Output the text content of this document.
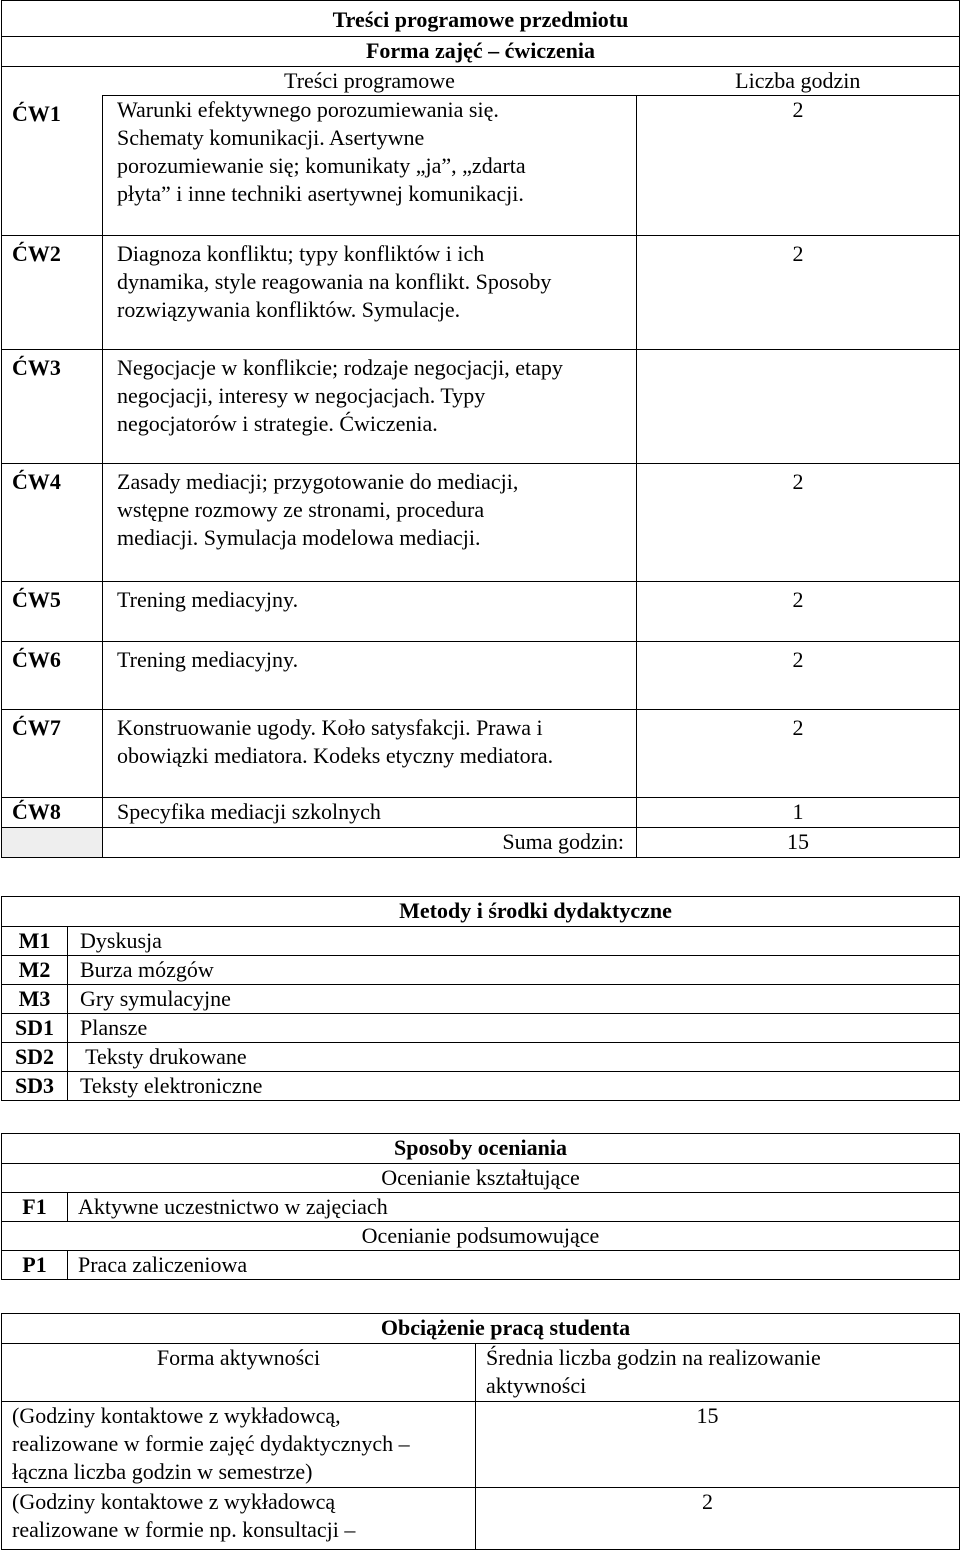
Treści programowe przedmiotu		
Forma zajęć – ćwiczenia		
	Treści programowe	Liczba godzin
ĆW1	Warunki efektywnego porozumiewania się.
Schematy komunikacji. Asertywne
porozumiewanie się; komunikaty „ja”, „zdarta
płyta” i inne techniki asertywnej komunikacji.	2
ĆW2	Diagnoza konfliktu; typy konfliktów i ich
dynamika, style reagowania na konflikt. Sposoby
rozwiązywania konfliktów. Symulacje.	2
ĆW3	Negocjacje w konflikcie; rodzaje negocjacji, etapy
negocjacji, interesy w negocjacjach. Typy
negocjatorów i strategie. Ćwiczenia.	

ĆW4	Zasady mediacji; przygotowanie do mediacji,
wstępne rozmowy ze stronami, procedura
mediacji. Symulacja modelowa mediacji.	2
ĆW5	Trening mediacyjny.	2
ĆW6	Trening mediacyjny.	2
ĆW7	Konstruowanie ugody. Koło satysfakcji. Prawa i
obowiązki mediatora. Kodeks etyczny mediatora.	2
ĆW8	Specyfika mediacji szkolnych	1
	Suma godzin:	15
Metody i środki dydaktyczne	
M1	Dyskusja
M2	Burza mózgów
M3	Gry symulacyjne
SD1	Plansze
SD2	Teksty drukowane
SD3	Teksty elektroniczne
Sposoby oceniania	
Ocenianie kształtujące	
F1	Aktywne uczestnictwo w zajęciach
Ocenianie podsumowujące	
P1	Praca zaliczeniowa
Obciążenie pracą studenta	
Forma aktywności	Średnia liczba godzin na realizowanie
aktywności

(Godziny kontaktowe z wykładowcą,
realizowane w formie zajęć dydaktycznych –
łączna liczba godzin w semestrze)	15

(Godziny kontaktowe z wykładowcą
realizowane w formie np. konsultacji –	2
